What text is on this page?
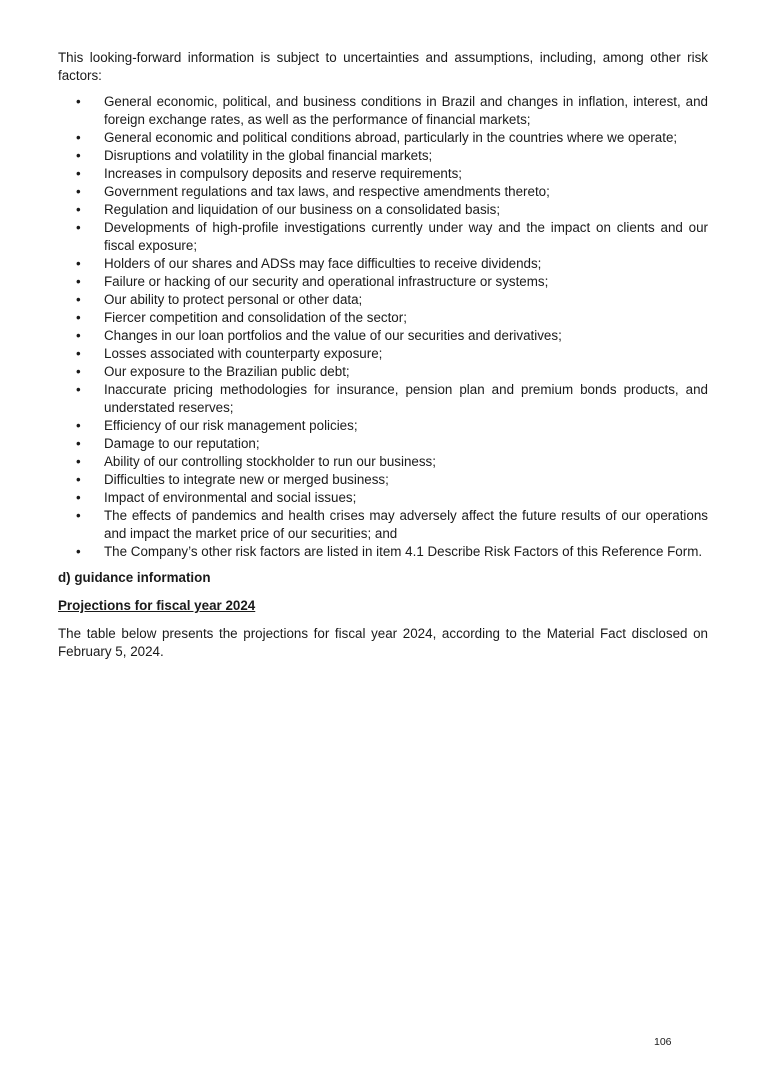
This looking-forward information is subject to uncertainties and assumptions, including, among other risk factors:

• General economic, political, and business conditions in Brazil and changes in inflation, interest, and foreign exchange rates, as well as the performance of financial markets;
• General economic and political conditions abroad, particularly in the countries where we operate;
• Disruptions and volatility in the global financial markets;
• Increases in compulsory deposits and reserve requirements;
• Government regulations and tax laws, and respective amendments thereto;
• Regulation and liquidation of our business on a consolidated basis;
• Developments of high-profile investigations currently under way and the impact on clients and our fiscal exposure;
• Holders of our shares and ADSs may face difficulties to receive dividends;
• Failure or hacking of our security and operational infrastructure or systems;
• Our ability to protect personal or other data;
• Fiercer competition and consolidation of the sector;
• Changes in our loan portfolios and the value of our securities and derivatives;
• Losses associated with counterparty exposure;
• Our exposure to the Brazilian public debt;
• Inaccurate pricing methodologies for insurance, pension plan and premium bonds products, and understated reserves;
• Efficiency of our risk management policies;
• Damage to our reputation;
• Ability of our controlling stockholder to run our business;
• Difficulties to integrate new or merged business;
• Impact of environmental and social issues;
• The effects of pandemics and health crises may adversely affect the future results of our operations and impact the market price of our securities; and
• The Company’s other risk factors are listed in item 4.1 Describe Risk Factors of this Reference Form.

d) guidance information

Projections for fiscal year 2024

The table below presents the projections for fiscal year 2024, according to the Material Fact disclosed on February 5, 2024.

106
